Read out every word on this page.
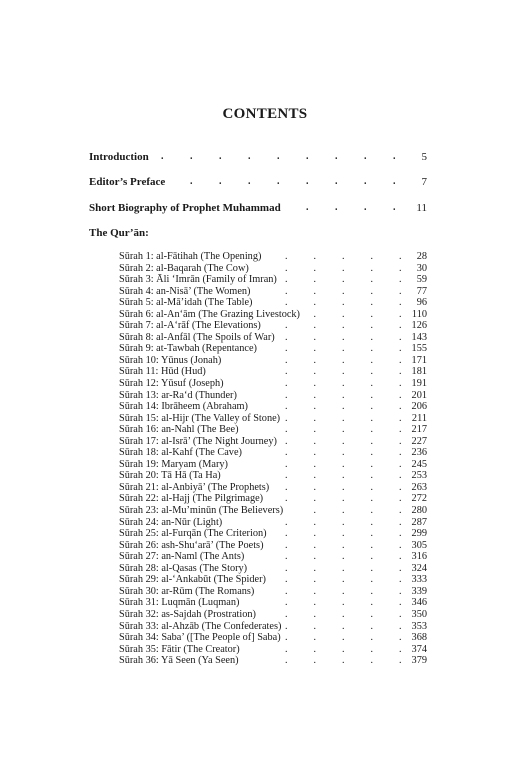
CONTENTS
Introduction .	.	.	.	.	.	.	.	. 5
Editor’s Preface .	.	.	.	.	.	.	. 7
Short Biography of Prophet Muhammad	.	.	.	. 11
The Qur’ān:
Sūrah 1: al-Fātihah (The Opening) .	.	.	.	. 28
Sūrah 2: al-Baqarah (The Cow)	.	.	.	.	. 30
Sūrah 3: Āli ‘Imrān (Family of Imran) .	.	.	.	. 59
Sūrah 4: an-Nisā’ (The Women)	.	.	.	.	. 77
Sūrah 5: al-Mā’idah (The Table)	.	.	.	.	. 96
Sūrah 6: al-An‘ām (The Grazing Livestock) .	.	.	. 110
Sūrah 7: al-A‘rāf (The Elevations) .	.	.	.	. 126
Sūrah 8: al-Anfāl (The Spoils of War) .	.	.	.	. 143
Sūrah 9: at-Tawbah (Repentance)	.	.	.	.	. 155
Sūrah 10: Yūnus (Jonah)	.	.	.	.	. 171
Sūrah 11: Hūd (Hud)	.	.	.	.	. 181
Sūrah 12: Yūsuf (Joseph)	.	.	.	.	. 191
Sūrah 13: ar-Ra‘d (Thunder)	.	.	.	.	. 201
Sūrah 14: Ibrāheem (Abraham)	.	.	.	.	. 206
Sūrah 15: al-Hijr (The Valley of Stone) .	.	.	.	. 211
Sūrah 16: an-Nahl (The Bee)	.	.	.	.	. 217
Sūrah 17: al-Isrā’ (The Night Journey) .	.	.	.	. 227
Sūrah 18: al-Kahf (The Cave)	.	.	.	.	. 236
Sūrah 19: Maryam (Mary)	.	.	.	.	. 245
Sūrah 20: Tā Hā (Ta Ha)	.	.	.	.	. 253
Sūrah 21: al-Anbiyā’ (The Prophets) .	.	.	.	. 263
Sūrah 22: al-Hajj (The Pilgrimage) .	.	.	.	. 272
Sūrah 23: al-Mu’minūn (The Believers)	.	.	.	. 280
Sūrah 24: an-Nūr (Light)	.	.	.	.	. 287
Sūrah 25: al-Furqān (The Criterion) .	.	.	.	. 299
Sūrah 26: ash-Shu‘arā’ (The Poets) .	.	.	.	. 305
Sūrah 27: an-Naml (The Ants)	.	.	.	.	. 316
Sūrah 28: al-Qasas (The Story)	.	.	.	.	. 324
Sūrah 29: al-‘Ankabūt (The Spider) .	.	.	.	. 333
Sūrah 30: ar-Rūm (The Romans)	.	.	.	.	. 339
Sūrah 31: Luqmān (Luqman)	.	.	.	.	. 346
Sūrah 32: as-Sajdah (Prostration)	.	.	.	.	. 350
Sūrah 33: al-Ahzāb (The Confederates) .	.	.	.	. 353
Sūrah 34: Saba’ ([The People of] Saba) .	.	.	.	. 368
Sūrah 35: Fātir (The Creator)	.	.	.	.	. 374
Sūrah 36: Yā Seen (Ya Seen)	.	.	.	.	. 379
